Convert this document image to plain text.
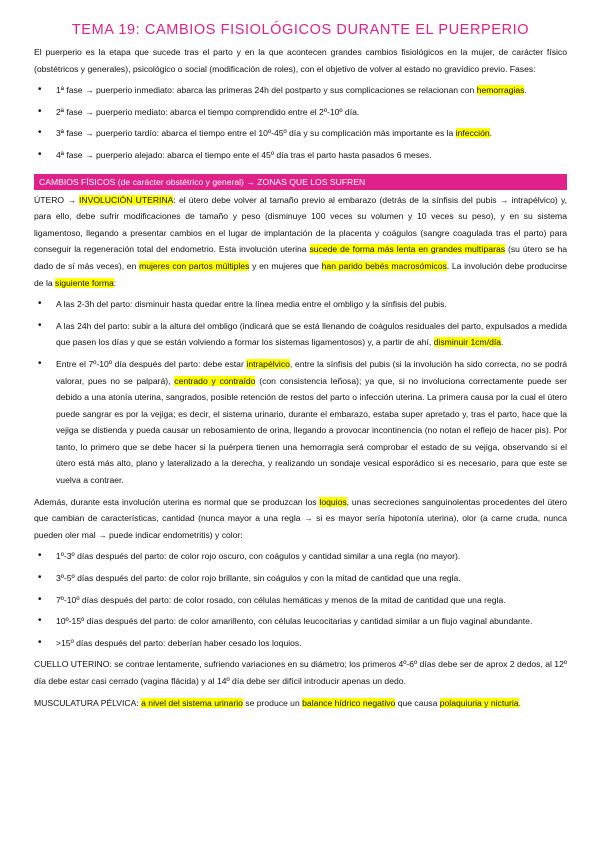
TEMA 19: CAMBIOS FISIOLÓGICOS DURANTE EL PUERPERIO

El puerperio es la etapa que sucede tras el parto y en la que acontecen grandes cambios fisiológicos en la mujer, de carácter físico (obstétricos y generales), psicológico o social (modificación de roles), con el objetivo de volver al estado no gravídico previo. Fases:

• 1ª fase → puerperio inmediato: abarca las primeras 24h del postparto y sus complicaciones se relacionan con hemorragias.
• 2ª fase → puerperio mediato: abarca el tiempo comprendido entre el 2º-10º día.
• 3ª fase → puerperio tardío: abarca el tiempo entre el 10º-45º día y su complicación más importante es la infección.
• 4ª fase → puerperio alejado: abarca el tiempo ente el 45º día tras el parto hasta pasados 6 meses.
CAMBIOS FÍSICOS (de carácter obstétrico y general) → ZONAS QUE LOS SUFREN

ÚTERO → INVOLUCIÓN UTERINA: el útero debe volver al tamaño previo al embarazo (detrás de la sínfisis del pubis → intrapélvico) y, para ello, debe sufrir modificaciones de tamaño y peso (disminuye 100 veces su volumen y 10 veces su peso), y en su sistema ligamentoso, llegando a presentar cambios en el lugar de implantación de la placenta y coágulos (sangre coagulada tras el parto) para conseguir la regeneración total del endometrio. Esta involución uterina sucede de forma más lenta en grandes multíparas (su útero se ha dado de sí más veces), en mujeres con partos múltiples y en mujeres que han parido bebés macrosómicos. La involución debe producirse de la siguiente forma:

• A las 2-3h del parto: disminuir hasta quedar entre la línea media entre el ombligo y la sínfisis del pubis.
• A las 24h del parto: subir a la altura del ombligo (indicará que se está llenando de coágulos residuales del parto, expulsados a medida que pasen los días y que se están volviendo a formar los sistemas ligamentosos) y, a partir de ahí, disminuir 1cm/día.
• Entre el 7º-10º día después del parto: debe estar intrapélvico, entre la sínfisis del pubis (si la involución ha sido correcta, no se podrá valorar, pues no se palpará), centrado y contraído (con consistencia leñosa); ya que, si no involuciona correctamente puede ser debido a una atonía uterina, sangrados, posible retención de restos del parto o infección uterina. La primera causa por la cual el útero puede sangrar es por la vejiga; es decir, el sistema urinario, durante el embarazo, estaba super apretado y, tras el parto, hace que la vejiga se distienda y pueda causar un rebosamiento de orina, llegando a provocar incontinencia (no notan el reflejo de hacer pis). Por tanto, lo primero que se debe hacer si la puérpera tienen una hemorragia será comprobar el estado de su vejiga, observando si el útero está más alto, plano y lateralizado a la derecha, y realizando un sondaje vesical esporádico si es necesario, para que este se vuelva a contraer.

Además, durante esta involución uterina es normal que se produzcan los loquios, unas secreciones sanguinolentas procedentes del útero que cambian de características, cantidad (nunca mayor a una regla → si es mayor sería hipotonía uterina), olor (a carne cruda, nunca pueden oler mal → puede indicar endometritis) y color:

• 1º-3º días después del parto: de color rojo oscuro, con coágulos y cantidad similar a una regla (no mayor).
• 3º-5º días después del parto: de color rojo brillante, sin coágulos y con la mitad de cantidad que una regla.
• 7º-10º días después del parto: de color rosado, con células hemáticas y menos de la mitad de cantidad que una regla.
• 10º-15º días después del parto: de color amarillento, con células leucocitarias y cantidad similar a un flujo vaginal abundante.
• >15º días después del parto: deberían haber cesado los loquios.

CUELLO UTERINO: se contrae lentamente, sufriendo variaciones en su diámetro; los primeros 4º-6º días debe ser de aprox 2 dedos, al 12º día debe estar casi cerrado (vagina flácida) y al 14º día debe ser difícil introducir apenas un dedo.

MUSCULATURA PÉLVICA: a nivel del sistema urinario se produce un balance hídrico negativo que causa polaquiuria y nicturia.
